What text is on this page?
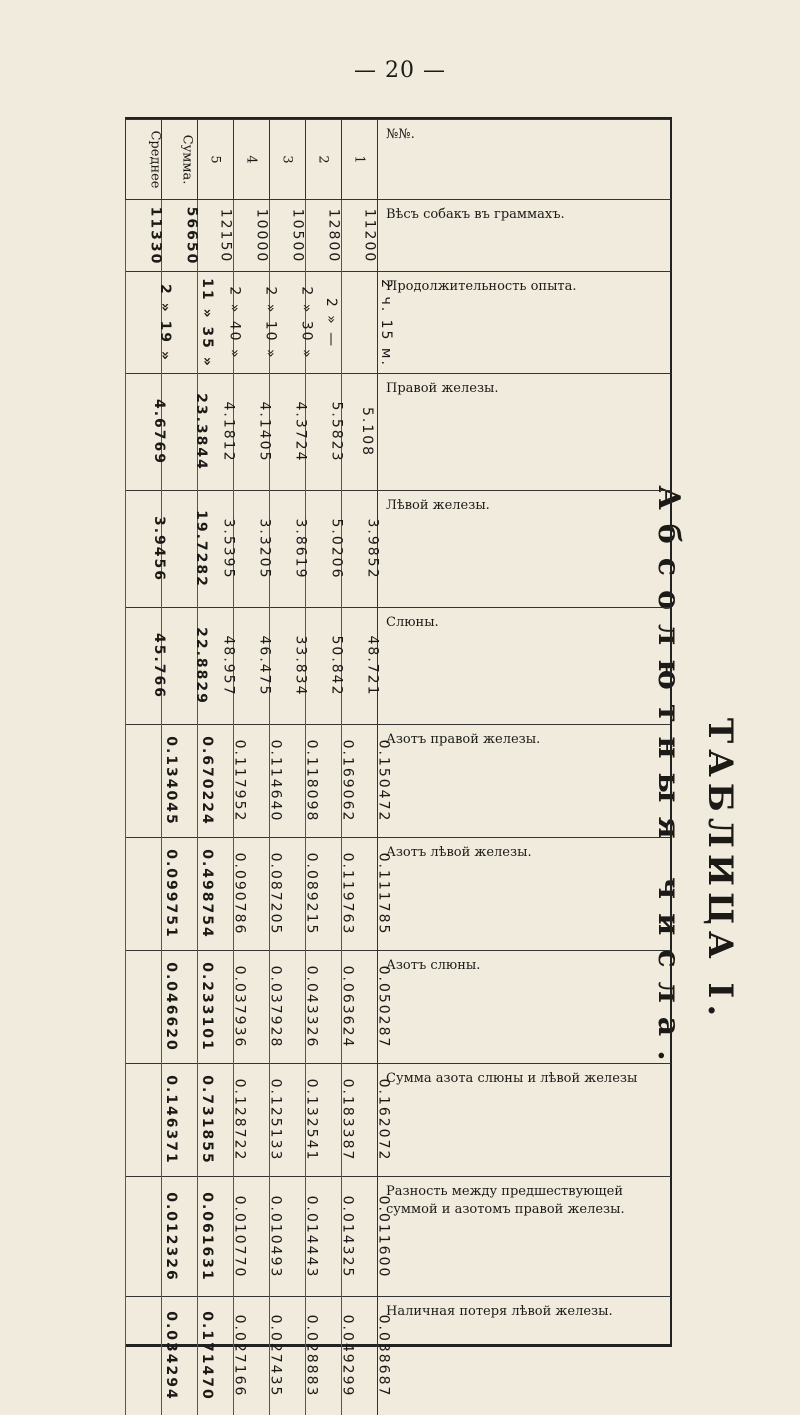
— 20 —
ТАБЛИЦА I.
Абсолютныя числа.
Среднее	Сумма.	5	4	3	2	1	№№.
11330	56650	12150	10000	10500	12800	11200	Вѣсъ собакъ въ граммахъ.
2 » 19 »	11 » 35 »	2 » 40 »	2 » 10 »	2 » 30 »	2 » —	2 ч. 15 м.	Продолжительность опыта.
4.6769	23.3844	4.1812	4.1405	4.3724	5.5823	5.108	Правой железы.
3.9456	19.7282	3.5395	3.3205	3.8619	5.0206	3.9852	Лѣвой железы.
45.766	22.8829	48.957	46.475	33.834	50.842	48.721	Слюны.
0.134045	0.670224	0.117952	0.114640	0.118098	0.169062	0.150472	Азотъ правой железы.
0.099751	0.498754	0.090786	0.087205	0.089215	0.119763	0.111785	Азотъ лѣвой железы.
0.046620	0.233101	0.037936	0.037928	0.043326	0.063624	0.050287	Азотъ слюны.
0.146371	0.731855	0.128722	0.125133	0.132541	0.183387	0.162072	Сумма азота слюны и лѣвой железы
0.012326	0.061631	0.010770	0.010493	0.014443	0.014325	0.011600	Разность между предшествующей суммой и азотомъ правой железы.
0.034294	0.171470	0.027166	0.027435	0.028883	0.049299	0.038687	Наличная потеря лѣвой железы.
